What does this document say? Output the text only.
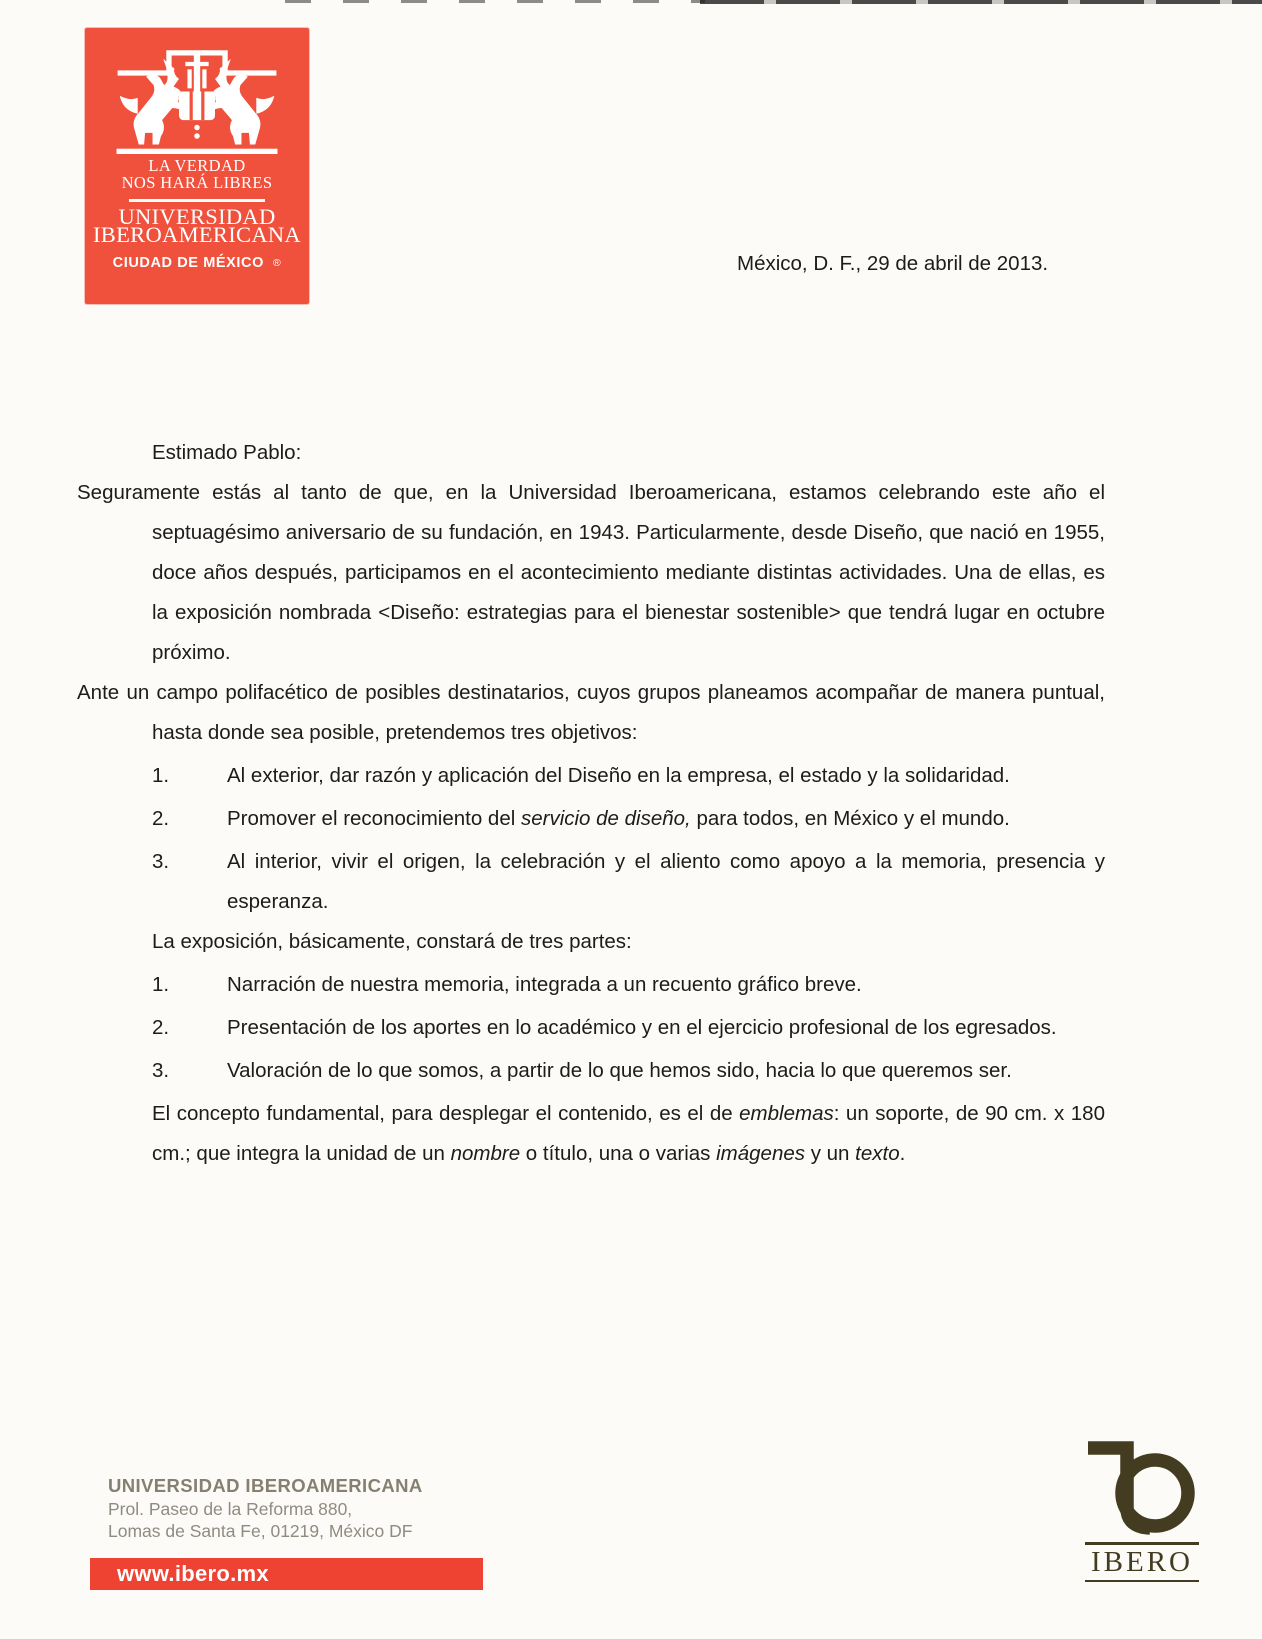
LA VERDAD
NOS HARÁ LIBRES
UNIVERSIDAD
IBEROAMERICANA
CIUDAD DE MÉXICO ®	México, D. F., 29 de abril de 2013.

Estimado Pablo:

Seguramente estás al tanto de que, en la Universidad Iberoamericana, estamos celebrando este año el septuagésimo aniversario de su fundación, en 1943. Particularmente, desde Diseño, que nació en 1955, doce años después, participamos en el acontecimiento mediante distintas actividades. Una de ellas, es la exposición nombrada <Diseño: estrategias para el bienestar sostenible> que tendrá lugar en octubre próximo.

Ante un campo polifacético de posibles destinatarios, cuyos grupos planeamos acompañar de manera puntual, hasta donde sea posible, pretendemos tres objetivos:

1.	Al exterior, dar razón y aplicación del Diseño en la empresa, el estado y la solidaridad.
2.	Promover el reconocimiento del servicio de diseño, para todos, en México y el mundo.
3.	Al interior, vivir el origen, la celebración y el aliento como apoyo a la memoria, presencia y esperanza.

La exposición, básicamente, constará de tres partes:

1.	Narración de nuestra memoria, integrada a un recuento gráfico breve.
2.	Presentación de los aportes en lo académico y en el ejercicio profesional de los egresados.
3.	Valoración de lo que somos, a partir de lo que hemos sido, hacia lo que queremos ser.

El concepto fundamental, para desplegar el contenido, es el de emblemas: un soporte, de 90 cm. x 180 cm.; que integra la unidad de un nombre o título, una o varias imágenes y un texto.

UNIVERSIDAD IBEROAMERICANA
Prol. Paseo de la Reforma 880,
Lomas de Santa Fe, 01219, México DF
www.ibero.mx	IBERO
